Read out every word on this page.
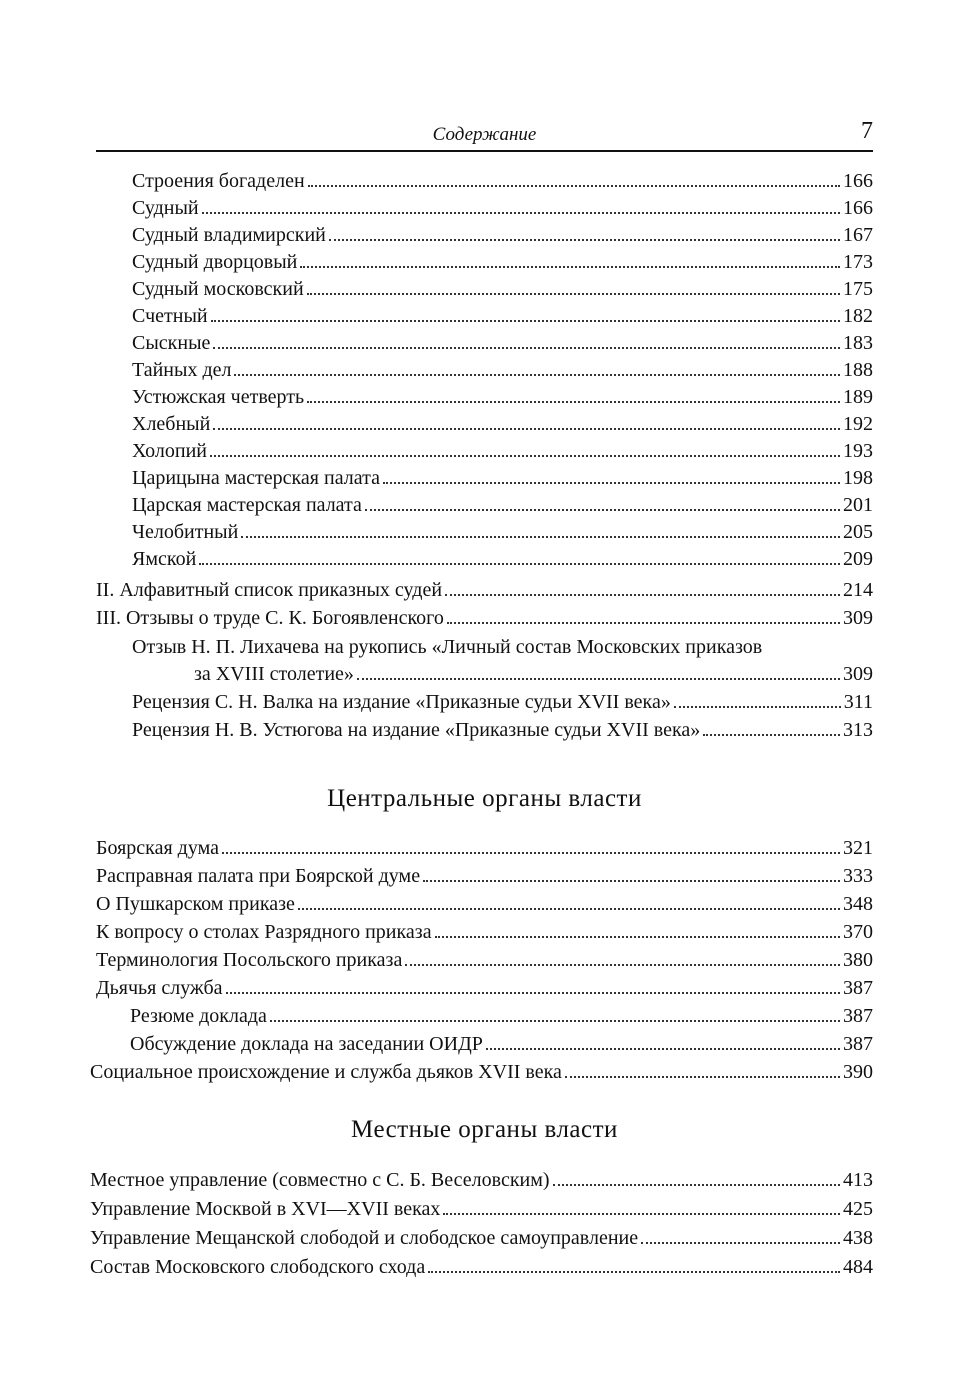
Содержание	7
Строения богаделен	166
Судный	166
Судный владимирский	167
Судный дворцовый	173
Судный московский	175
Счетный	182
Сыскные	183
Тайных дел	188
Устюжская четверть	189
Хлебный	192
Холопий	193
Царицына мастерская палата	198
Царская мастерская палата	201
Челобитный	205
Ямской	209
II. Алфавитный список приказных судей	214
III. Отзывы о труде С. К. Богоявленского	309
Отзыв Н. П. Лихачева на рукопись «Личный состав Московских приказов
за XVIII столетие»	309
Рецензия С. Н. Валка на издание «Приказные судьи XVII века»	311
Рецензия Н. В. Устюгова на издание «Приказные судьи XVII века»	313
Центральные органы власти
Боярская дума	321
Расправная палата при Боярской думе	333
О Пушкарском приказе	348
К вопросу о столах Разрядного приказа	370
Терминология Посольского приказа	380
Дьячья служба	387
Резюме доклада	387
Обсуждение доклада на заседании ОИДР	387
Социальное происхождение и служба дьяков XVII века	390
Местные органы власти
Местное управление (совместно с С. Б. Веселовским)	413
Управление Москвой в XVI—XVII веках	425
Управление Мещанской слободой и слободское самоуправление	438
Состав Московского слободского схода	484
